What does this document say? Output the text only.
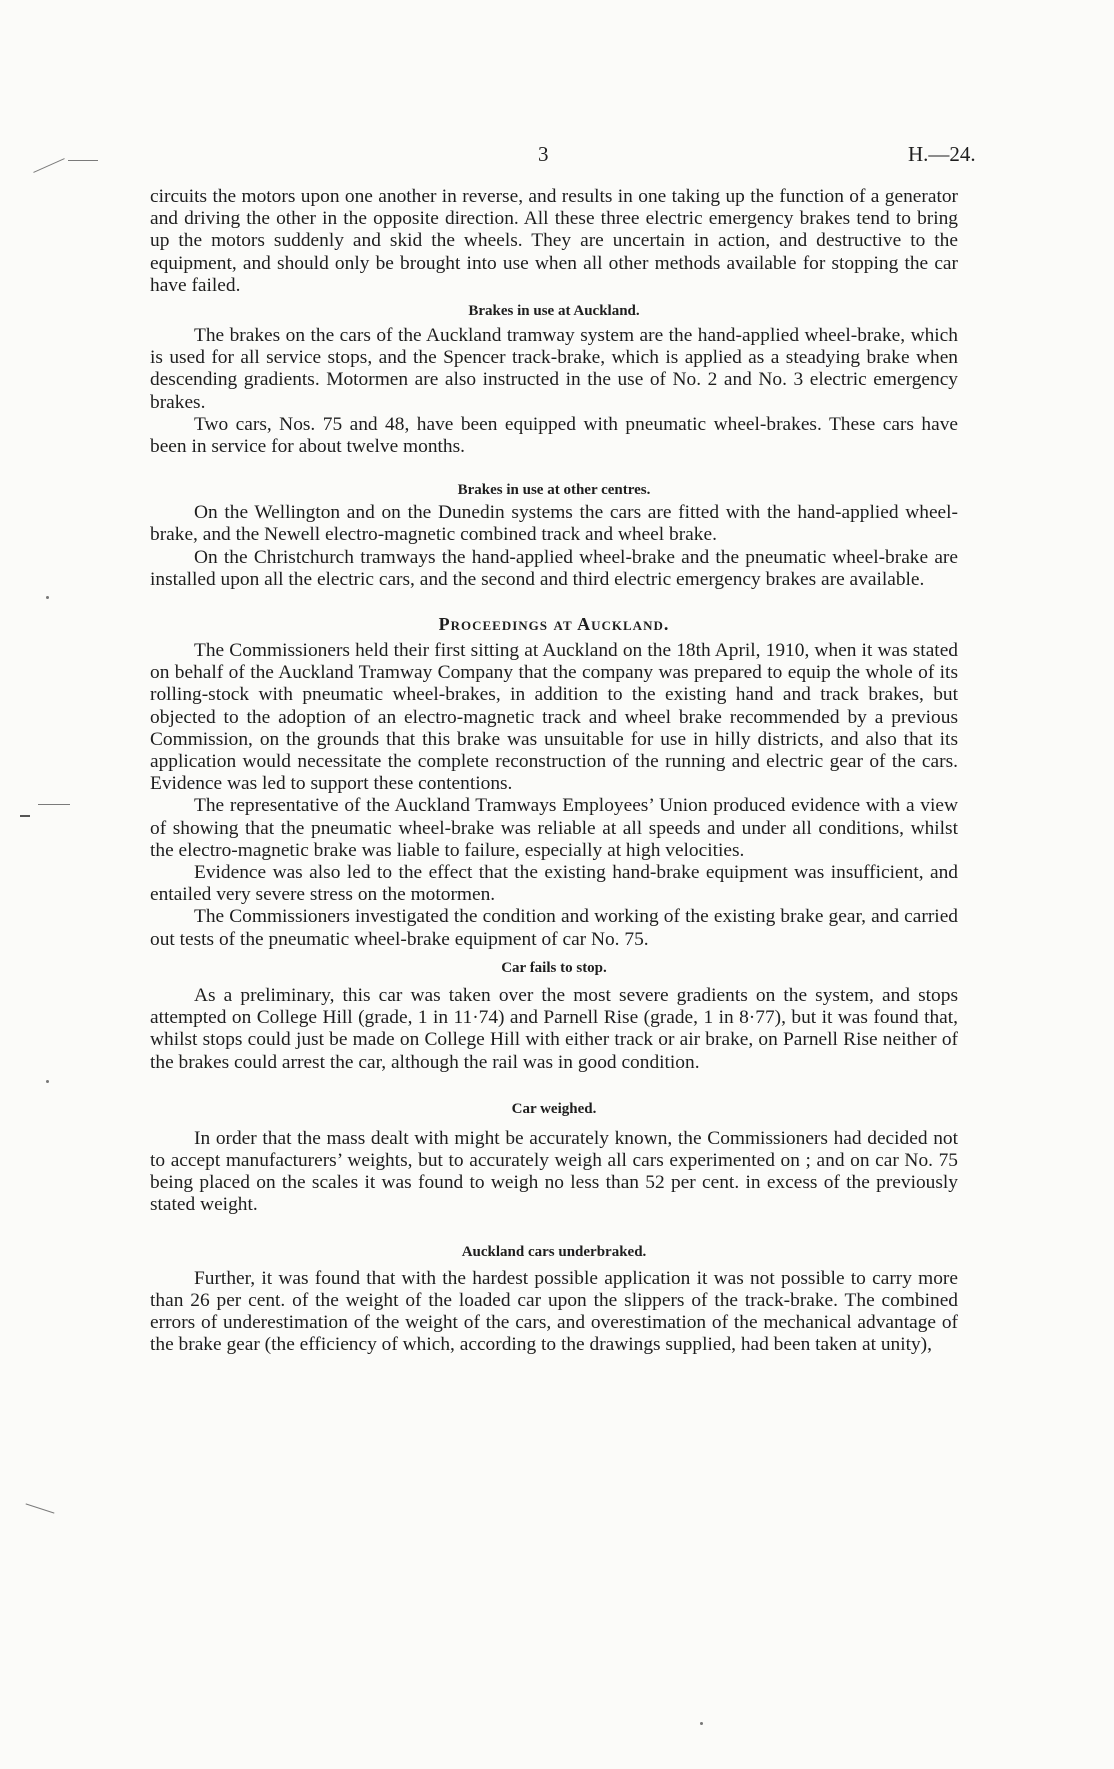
3	H.—24.

circuits the motors upon one another in reverse, and results in one taking up the function of a generator and driving the other in the opposite direction. All these three electric emergency brakes tend to bring up the motors suddenly and skid the wheels. They are uncertain in action, and destructive to the equipment, and should only be brought into use when all other methods available for stopping the car have failed.

Brakes in use at Auckland.

The brakes on the cars of the Auckland tramway system are the hand-applied wheel-brake, which is used for all service stops, and the Spencer track-brake, which is applied as a steadying brake when descending gradients. Motormen are also instructed in the use of No. 2 and No. 3 electric emergency brakes.

Two cars, Nos. 75 and 48, have been equipped with pneumatic wheel-brakes. These cars have been in service for about twelve months.

Brakes in use at other centres.

On the Wellington and on the Dunedin systems the cars are fitted with the hand-applied wheel-brake, and the Newell electro-magnetic combined track and wheel brake.

On the Christchurch tramways the hand-applied wheel-brake and the pneumatic wheel-brake are installed upon all the electric cars, and the second and third electric emergency brakes are available.

Proceedings at Auckland.

The Commissioners held their first sitting at Auckland on the 18th April, 1910, when it was stated on behalf of the Auckland Tramway Company that the company was prepared to equip the whole of its rolling-stock with pneumatic wheel-brakes, in addition to the existing hand and track brakes, but objected to the adoption of an electro-magnetic track and wheel brake recommended by a previous Commission, on the grounds that this brake was unsuitable for use in hilly districts, and also that its application would necessitate the complete reconstruction of the running and electric gear of the cars. Evidence was led to support these contentions.

The representative of the Auckland Tramways Employees’ Union produced evidence with a view of showing that the pneumatic wheel-brake was reliable at all speeds and under all conditions, whilst the electro-magnetic brake was liable to failure, especially at high velocities.

Evidence was also led to the effect that the existing hand-brake equipment was insufficient, and entailed very severe stress on the motormen.

The Commissioners investigated the condition and working of the existing brake gear, and carried out tests of the pneumatic wheel-brake equipment of car No. 75.

Car fails to stop.

As a preliminary, this car was taken over the most severe gradients on the system, and stops attempted on College Hill (grade, 1 in 11·74) and Parnell Rise (grade, 1 in 8·77), but it was found that, whilst stops could just be made on College Hill with either track or air brake, on Parnell Rise neither of the brakes could arrest the car, although the rail was in good condition.

Car weighed.

In order that the mass dealt with might be accurately known, the Commissioners had decided not to accept manufacturers’ weights, but to accurately weigh all cars experimented on ; and on car No. 75 being placed on the scales it was found to weigh no less than 52 per cent. in excess of the previously stated weight.

Auckland cars underbraked.

Further, it was found that with the hardest possible application it was not possible to carry more than 26 per cent. of the weight of the loaded car upon the slippers of the track-brake. The combined errors of underestimation of the weight of the cars, and overestimation of the mechanical advantage of the brake gear (the efficiency of which, according to the drawings supplied, had been taken at unity),
